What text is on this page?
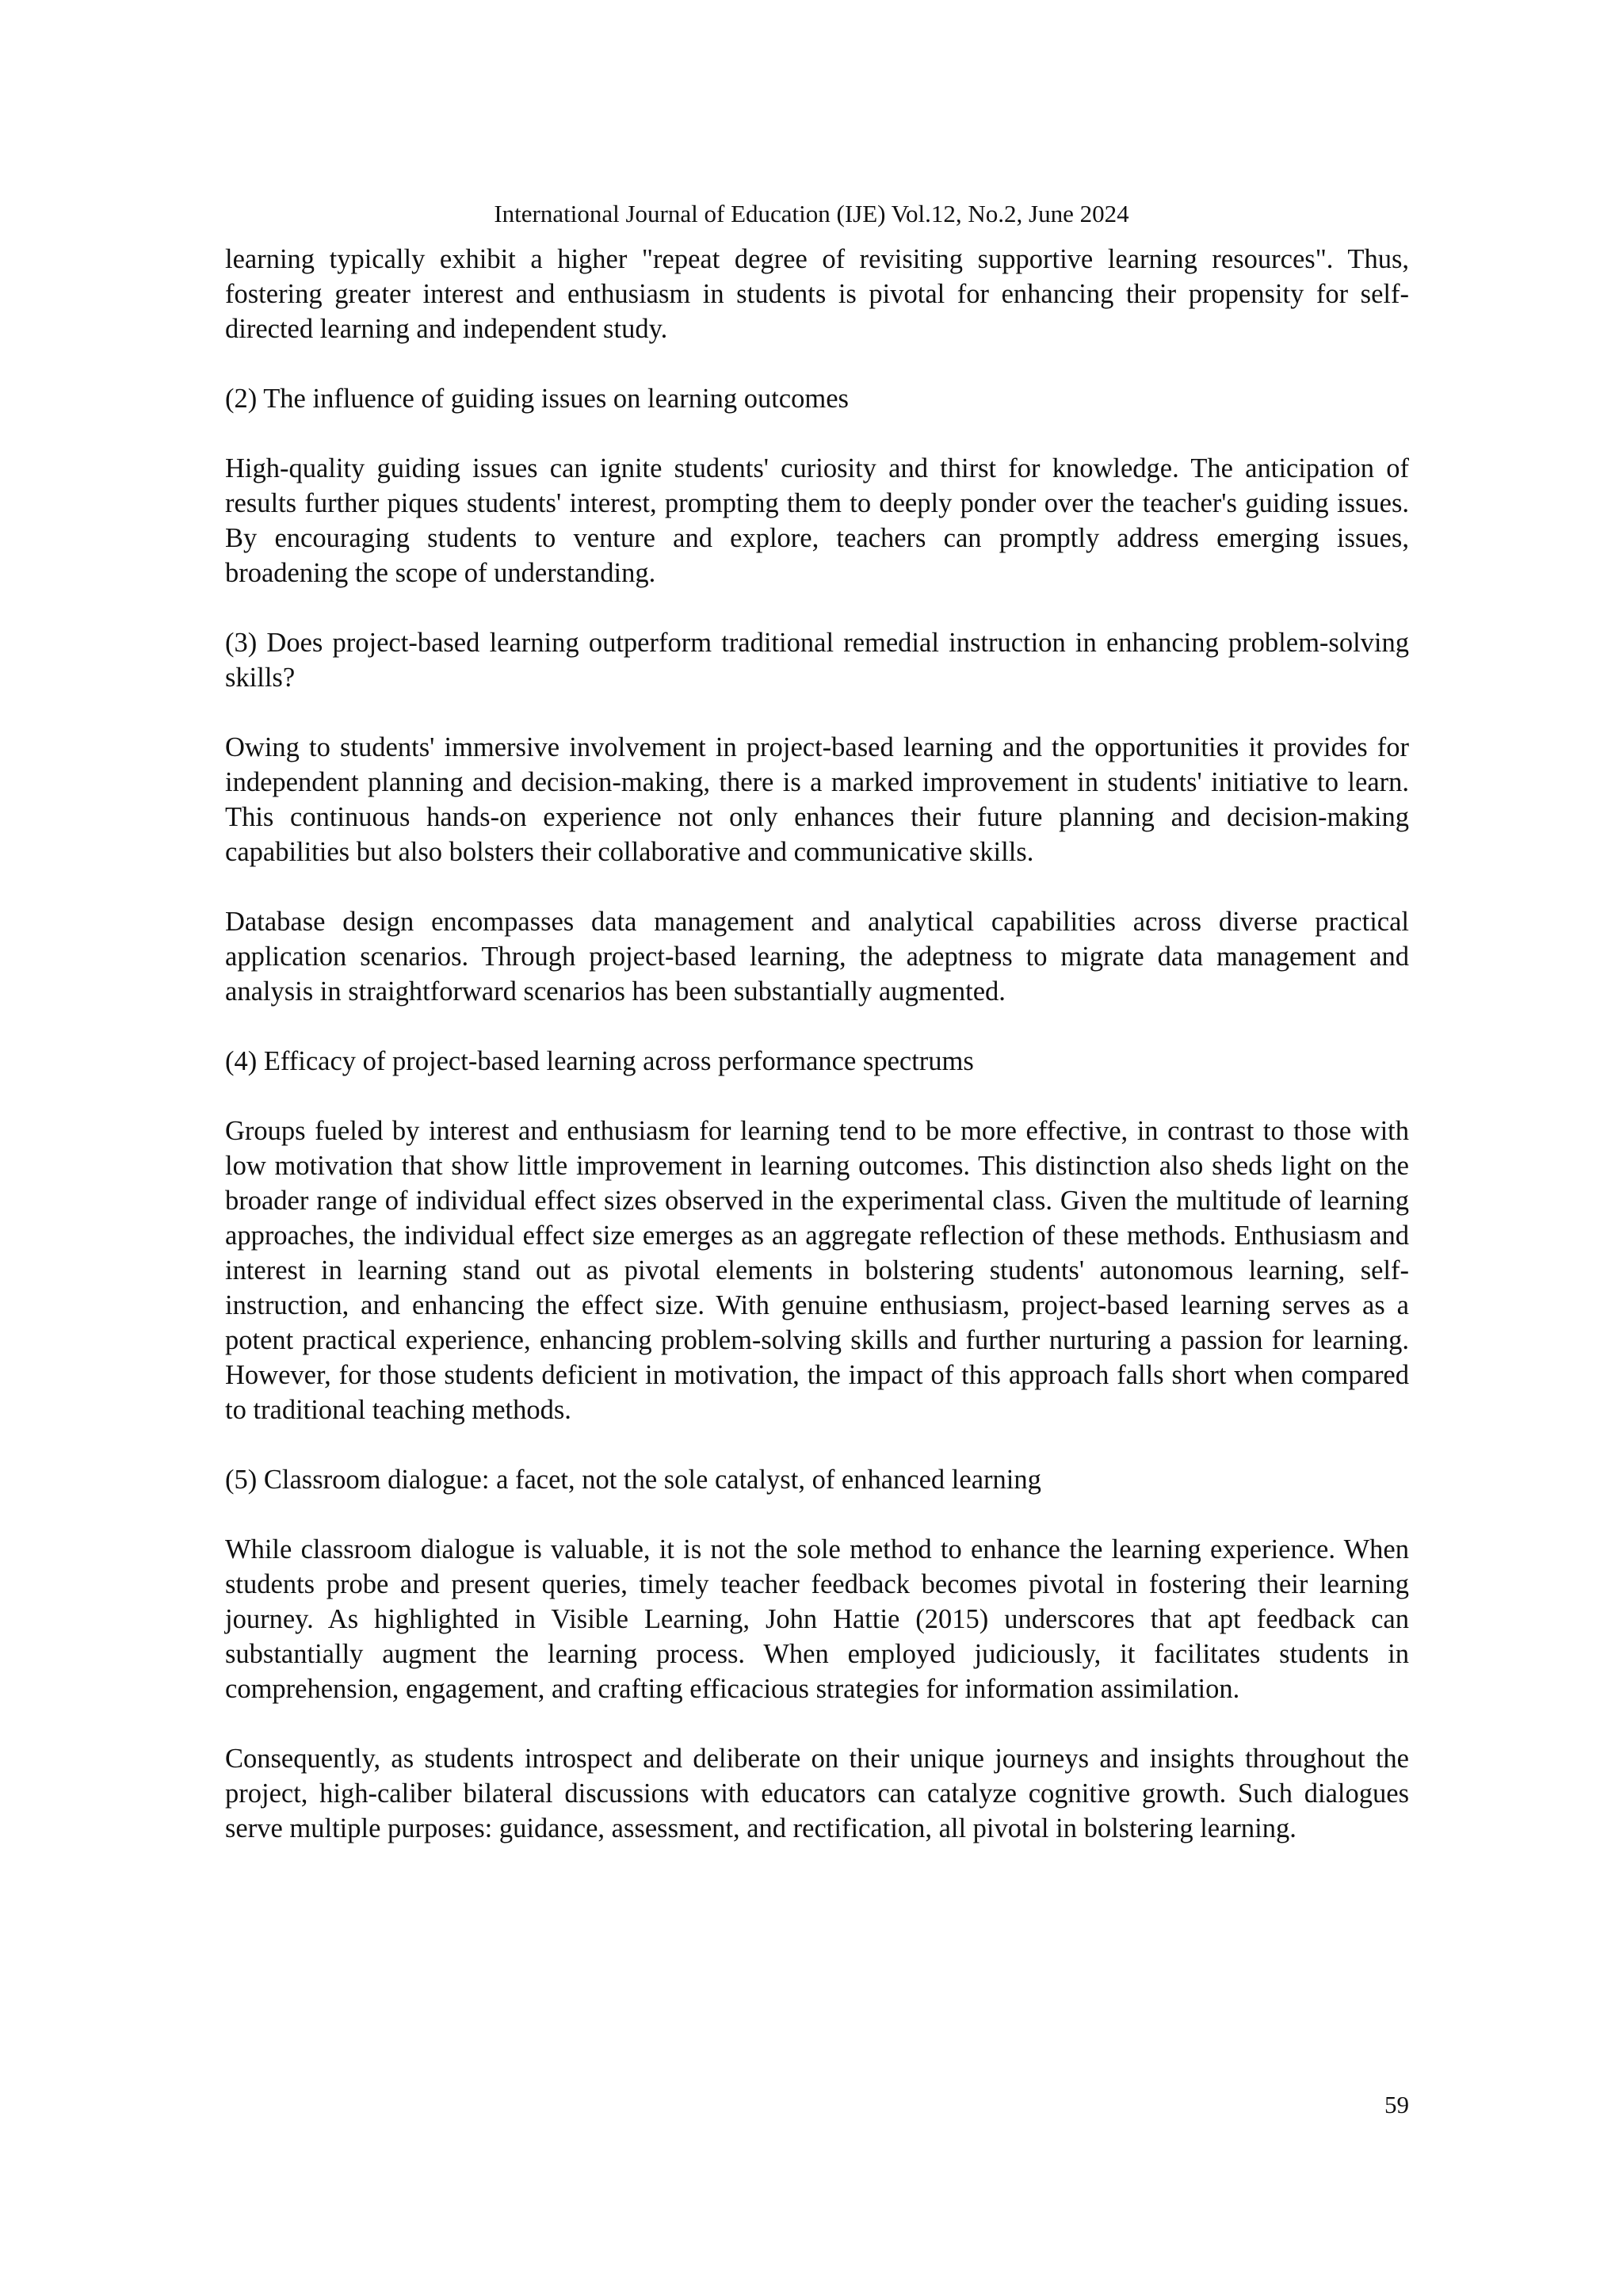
International Journal of Education (IJE) Vol.12, No.2, June 2024

learning typically exhibit a higher "repeat degree of revisiting supportive learning resources". Thus, fostering greater interest and enthusiasm in students is pivotal for enhancing their propensity for self-directed learning and independent study.

(2) The influence of guiding issues on learning outcomes

High-quality guiding issues can ignite students' curiosity and thirst for knowledge. The anticipation of results further piques students' interest, prompting them to deeply ponder over the teacher's guiding issues. By encouraging students to venture and explore, teachers can promptly address emerging issues, broadening the scope of understanding.

(3) Does project-based learning outperform traditional remedial instruction in enhancing problem-solving skills?

Owing to students' immersive involvement in project-based learning and the opportunities it provides for independent planning and decision-making, there is a marked improvement in students' initiative to learn. This continuous hands-on experience not only enhances their future planning and decision-making capabilities but also bolsters their collaborative and communicative skills.

Database design encompasses data management and analytical capabilities across diverse practical application scenarios. Through project-based learning, the adeptness to migrate data management and analysis in straightforward scenarios has been substantially augmented.

(4) Efficacy of project-based learning across performance spectrums

Groups fueled by interest and enthusiasm for learning tend to be more effective, in contrast to those with low motivation that show little improvement in learning outcomes. This distinction also sheds light on the broader range of individual effect sizes observed in the experimental class. Given the multitude of learning approaches, the individual effect size emerges as an aggregate reflection of these methods. Enthusiasm and interest in learning stand out as pivotal elements in bolstering students' autonomous learning, self-instruction, and enhancing the effect size. With genuine enthusiasm, project-based learning serves as a potent practical experience, enhancing problem-solving skills and further nurturing a passion for learning. However, for those students deficient in motivation, the impact of this approach falls short when compared to traditional teaching methods.

(5) Classroom dialogue: a facet, not the sole catalyst, of enhanced learning

While classroom dialogue is valuable, it is not the sole method to enhance the learning experience. When students probe and present queries, timely teacher feedback becomes pivotal in fostering their learning journey. As highlighted in Visible Learning, John Hattie (2015) underscores that apt feedback can substantially augment the learning process. When employed judiciously, it facilitates students in comprehension, engagement, and crafting efficacious strategies for information assimilation.

Consequently, as students introspect and deliberate on their unique journeys and insights throughout the project, high-caliber bilateral discussions with educators can catalyze cognitive growth. Such dialogues serve multiple purposes: guidance, assessment, and rectification, all pivotal in bolstering learning.

59
